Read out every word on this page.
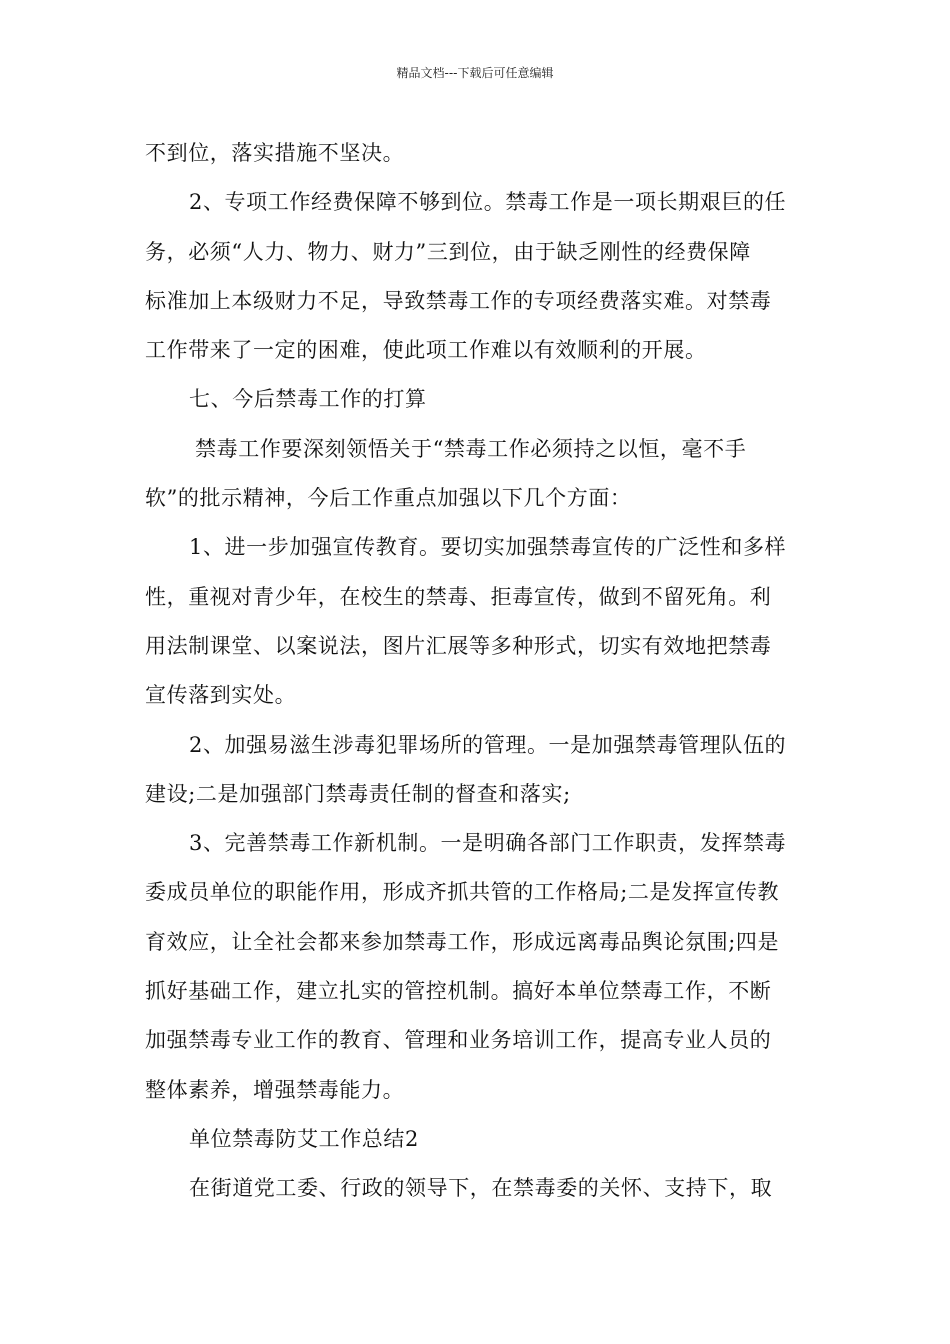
精品文档---下载后可任意编辑
不到位，落实措施不坚决。
2、专项工作经费保障不够到位。禁毒工作是一项长期艰巨的任
务，必须“人力、物力、财力”三到位，由于缺乏刚性的经费保障
标准加上本级财力不足，导致禁毒工作的专项经费落实难。对禁毒
工作带来了一定的困难，使此项工作难以有效顺利的开展。
七、今后禁毒工作的打算
禁毒工作要深刻领悟关于“禁毒工作必须持之以恒，毫不手
软”的批示精神，今后工作重点加强以下几个方面：
1、进一步加强宣传教育。要切实加强禁毒宣传的广泛性和多样
性，重视对青少年，在校生的禁毒、拒毒宣传，做到不留死角。利
用法制课堂、以案说法，图片汇展等多种形式，切实有效地把禁毒
宣传落到实处。
2、加强易滋生涉毒犯罪场所的管理。一是加强禁毒管理队伍的
建设;二是加强部门禁毒责任制的督查和落实;
3、完善禁毒工作新机制。一是明确各部门工作职责，发挥禁毒
委成员单位的职能作用，形成齐抓共管的工作格局;二是发挥宣传教
育效应，让全社会都来参加禁毒工作，形成远离毒品舆论氛围;四是
抓好基础工作，建立扎实的管控机制。搞好本单位禁毒工作，不断
加强禁毒专业工作的教育、管理和业务培训工作，提高专业人员的
整体素养，增强禁毒能力。
单位禁毒防艾工作总结2
在街道党工委、行政的领导下，在禁毒委的关怀、支持下，取
